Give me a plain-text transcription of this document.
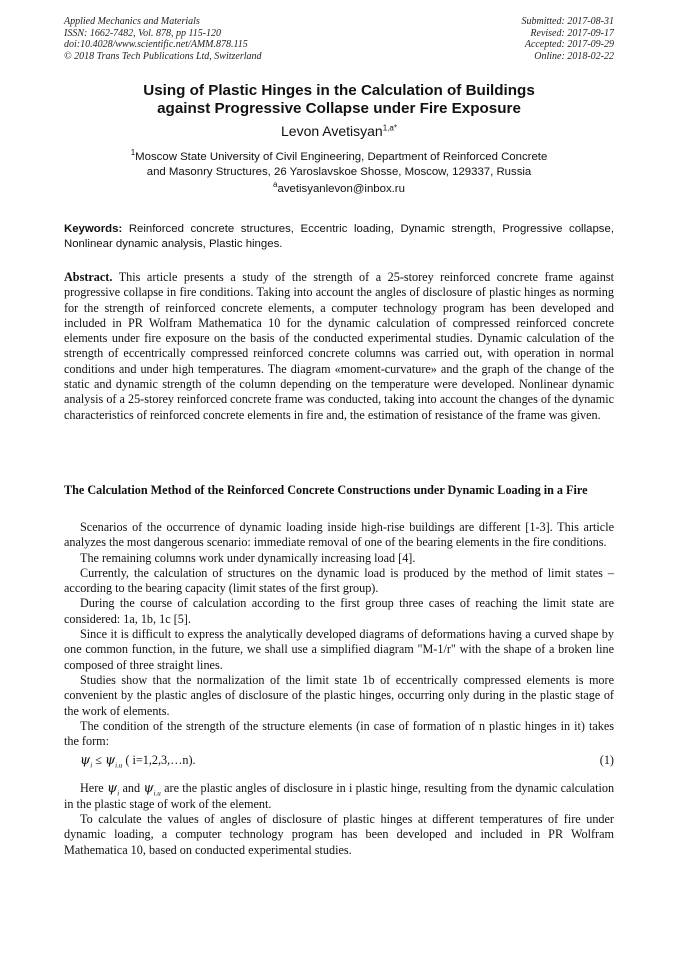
Applied Mechanics and Materials
ISSN: 1662-7482, Vol. 878, pp 115-120
doi:10.4028/www.scientific.net/AMM.878.115
© 2018 Trans Tech Publications Ltd, Switzerland
Submitted: 2017-08-31
Revised: 2017-09-17
Accepted: 2017-09-29
Online: 2018-02-22
Using of Plastic Hinges in the Calculation of Buildings
against Progressive Collapse under Fire Exposure
Levon Avetisyan$^{1,a*}$
$^1$Moscow State University of Civil Engineering, Department of Reinforced Concrete
and Masonry Structures, 26 Yaroslavskoe Shosse, Moscow, 129337, Russia
$^a$avetisyanlevon@inbox.ru
Keywords: Reinforced concrete structures, Eccentric loading, Dynamic strength, Progressive collapse, Nonlinear dynamic analysis, Plastic hinges.
Abstract. This article presents a study of the strength of a 25-storey reinforced concrete frame against progressive collapse in fire conditions. Taking into account the angles of disclosure of plastic hinges as norming for the strength of reinforced concrete elements, a computer technology program has been developed and included in PR Wolfram Mathematica 10 for the dynamic calculation of compressed reinforced concrete elements under fire exposure on the basis of the conducted experimental studies. Dynamic calculation of the strength of eccentrically compressed reinforced concrete columns was carried out, with operation in normal conditions and under high temperatures. The diagram «moment-curvature» and the graph of the change of the static and dynamic strength of the column depending on the temperature were developed. Nonlinear dynamic analysis of a 25-storey reinforced concrete frame was conducted, taking into account the changes of the dynamic characteristics of reinforced concrete elements in fire and, the estimation of resistance of the frame was given.
The Calculation Method of the Reinforced Concrete Constructions under Dynamic Loading in a Fire

Scenarios of the occurrence of dynamic loading inside high-rise buildings are different [1-3]. This article analyzes the most dangerous scenario: immediate removal of one of the bearing elements in the fire conditions.

The remaining columns work under dynamically increasing load [4].

Currently, the calculation of structures on the dynamic load is produced by the method of limit states – according to the bearing capacity (limit states of the first group).

During the course of calculation according to the first group three cases of reaching the limit state are considered: 1a, 1b, 1c [5].

Since it is difficult to express the analytically developed diagrams of deformations having a curved shape by one common function, in the future, we shall use a simplified diagram "M-1/r" with the shape of a broken line composed of three straight lines.

Studies show that the normalization of the limit state 1b of eccentrically compressed elements is more convenient by the plastic angles of disclosure of the plastic hinges, occurring only during in the plastic stage of the work of elements.

The condition of the strength of the structure elements (in case of formation of n plastic hinges in it) takes the form:

$\psi_i \le \psi_{i.u}$ ( i=1,2,3,…n).	(1)

Here $\psi_i$ and $\psi_{i.u}$ are the plastic angles of disclosure in i plastic hinge, resulting from the dynamic calculation in the plastic stage of work of the element.

To calculate the values of angles of disclosure of plastic hinges at different temperatures of fire under dynamic loading, a computer technology program has been developed and included in PR Wolfram Mathematica 10, based on conducted experimental studies.
